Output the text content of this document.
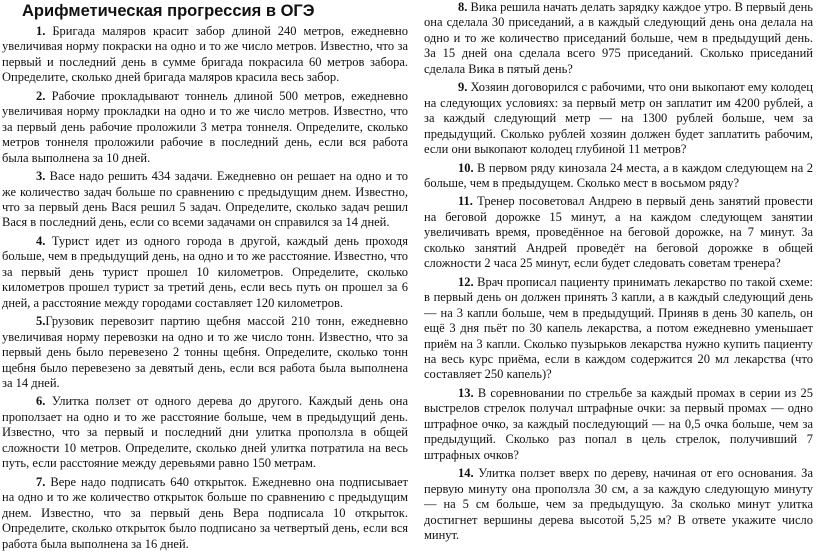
Арифметическая прогрессия в ОГЭ

1. Бригада маляров красит забор длиной 240 метров, ежедневно увеличивая норму покраски на одно и то же число метров. Известно, что за первый и последний день в сумме бригада покрасила 60 метров забора. Определите, сколько дней бригада маляров красила весь забор.

2. Рабочие прокладывают тоннель длиной 500 метров, ежедневно увеличивая норму прокладки на одно и то же число метров. Известно, что за первый день рабочие проложили 3 метра тоннеля. Определите, сколько метров тоннеля проложили рабочие в последний день, если вся работа была выполнена за 10 дней.

3. Васе надо решить 434 задачи. Ежедневно он решает на одно и то же количество задач больше по сравнению с предыдущим днем. Известно, что за первый день Вася решил 5 задач. Определите, сколько задач решил Вася в последний день, если со всеми задачами он справился за 14 дней.

4. Турист идет из одного города в другой, каждый день проходя больше, чем в предыдущий день, на одно и то же расстояние. Известно, что за первый день турист прошел 10 километров. Определите, сколько километров прошел турист за третий день, если весь путь он прошел за 6 дней, а расстояние между городами составляет 120 километров.

5.Грузовик перевозит партию щебня массой 210 тонн, ежедневно увеличивая норму перевозки на одно и то же число тонн. Известно, что за первый день было перевезено 2 тонны щебня. Определите, сколько тонн щебня было перевезено за девятый день, если вся работа была выполнена за 14 дней.

6. Улитка ползет от одного дерева до другого. Каждый день она проползает на одно и то же расстояние больше, чем в предыдущий день. Известно, что за первый и последний дни улитка проползла в общей сложности 10 метров. Определите, сколько дней улитка потратила на весь путь, если расстояние между деревьями равно 150 метрам.

7. Вере надо подписать 640 открыток. Ежедневно она подписывает на одно и то же количество открыток больше по сравнению с предыдущим днем. Известно, что за первый день Вера подписала 10 открыток. Определите, сколько открыток было подписано за четвертый день, если вся работа была выполнена за 16 дней.

8. Вика решила начать делать зарядку каждое утро. В первый день она сделала 30 приседаний, а в каждый следующий день она делала на одно и то же количество приседаний больше, чем в предыдущий день. За 15 дней она сделала всего 975 приседаний. Сколько приседаний сделала Вика в пятый день?

9. Хозяин договорился с рабочими, что они выкопают ему колодец на следующих условиях: за первый метр он заплатит им 4200 рублей, а за каждый следующий метр — на 1300 рублей больше, чем за предыдущий. Сколько рублей хозяин должен будет заплатить рабочим, если они выкопают колодец глубиной 11 метров?

10. В первом ряду кинозала 24 места, а в каждом следующем на 2 больше, чем в предыдущем. Сколько мест в восьмом ряду?

11. Тренер посоветовал Андрею в первый день занятий провести на беговой дорожке 15 минут, а на каждом следующем занятии увеличивать время, проведённое на беговой дорожке, на 7 минут. За сколько занятий Андрей проведёт на беговой дорожке в общей сложности 2 часа 25 минут, если будет следовать советам тренера?

12. Врач прописал пациенту принимать лекарство по такой схеме: в первый день он должен принять 3 капли, а в каждый следующий день — на 3 капли больше, чем в предыдущий. Приняв в день 30 капель, он ещё 3 дня пьёт по 30 капель лекарства, а потом ежедневно уменьшает приём на 3 капли. Сколько пузырьков лекарства нужно купить пациенту на весь курс приёма, если в каждом содержится 20 мл лекарства (что составляет 250 капель)?

13. В соревновании по стрельбе за каждый промах в серии из 25 выстрелов стрелок получал штрафные очки: за первый промах — одно штрафное очко, за каждый последующий — на 0,5 очка больше, чем за предыдущий. Сколько раз попал в цель стрелок, получивший 7 штрафных очков?

14. Улитка ползет вверх по дереву, начиная от его основания. За первую минуту она проползла 30 см, а за каждую следующую минуту — на 5 см больше, чем за предыдущую. За сколько минут улитка достигнет вершины дерева высотой 5,25 м? В ответе укажите число минут.
